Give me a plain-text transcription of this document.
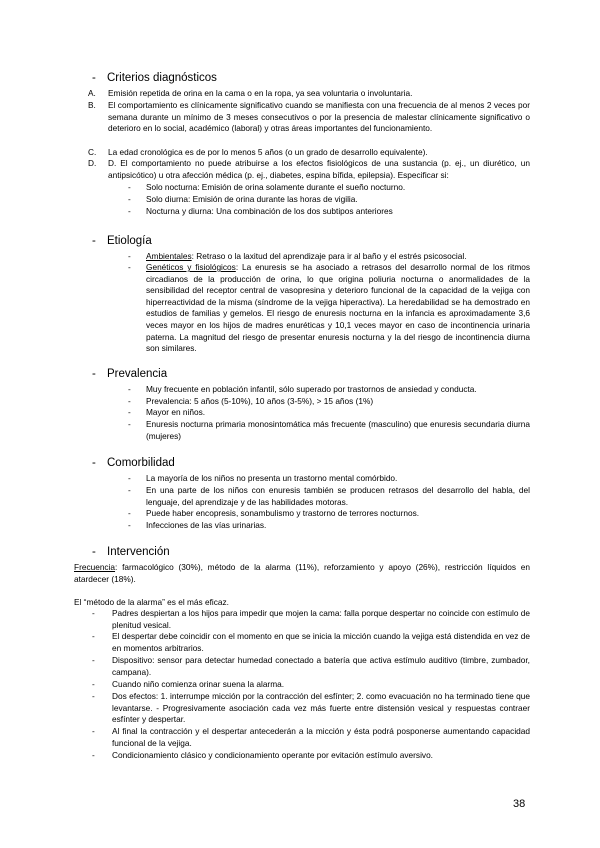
- Criterios diagnósticos
A. Emisión repetida de orina en la cama o en la ropa, ya sea voluntaria o involuntaria.
B. El comportamiento es clínicamente significativo cuando se manifiesta con una frecuencia de al menos 2 veces por semana durante un mínimo de 3 meses consecutivos o por la presencia de malestar clínicamente significativo o deterioro en lo social, académico (laboral) y otras áreas importantes del funcionamiento.
C. La edad cronológica es de por lo menos 5 años (o un grado de desarrollo equivalente).
D. D. El comportamiento no puede atribuirse a los efectos fisiológicos de una sustancia (p. ej., un diurético, un antipsicótico) u otra afección médica (p. ej., diabetes, espina bífida, epilepsia). Especificar si:
- Solo nocturna: Emisión de orina solamente durante el sueño nocturno.
- Solo diurna: Emisión de orina durante las horas de vigilia.
- Nocturna y diurna: Una combinación de los dos subtipos anteriores
- Etiología
- Ambientales: Retraso o la laxitud del aprendizaje para ir al baño y el estrés psicosocial.
- Genéticos y fisiológicos: La enuresis se ha asociado a retrasos del desarrollo normal de los ritmos circadianos de la producción de orina, lo que origina poliuria nocturna o anormalidades de la sensibilidad del receptor central de vasopresina y deterioro funcional de la capacidad de la vejiga con hiperreactividad de la misma (síndrome de la vejiga hiperactiva). La heredabilidad se ha demostrado en estudios de familias y gemelos. El riesgo de enuresis nocturna en la infancia es aproximadamente 3,6 veces mayor en los hijos de madres enuréticas y 10,1 veces mayor en caso de incontinencia urinaria paterna. La magnitud del riesgo de presentar enuresis nocturna y la del riesgo de incontinencia diurna son similares.
- Prevalencia
- Muy frecuente en población infantil, sólo superado por trastornos de ansiedad y conducta.
- Prevalencia: 5 años (5-10%), 10 años (3-5%), > 15 años (1%)
- Mayor en niños.
- Enuresis nocturna primaria monosintomática más frecuente (masculino) que enuresis secundaria diurna (mujeres)
- Comorbilidad
- La mayoría de los niños no presenta un trastorno mental comórbido.
- En una parte de los niños con enuresis también se producen retrasos del desarrollo del habla, del lenguaje, del aprendizaje y de las habilidades motoras.
- Puede haber encopresis, sonambulismo y trastorno de terrores nocturnos.
- Infecciones de las vías urinarias.
- Intervención
Frecuencia: farmacológico (30%), método de la alarma (11%), reforzamiento y apoyo (26%), restricción líquidos en atardecer (18%).
El “método de la alarma” es el más eficaz.
- Padres despiertan a los hijos para impedir que mojen la cama: falla porque despertar no coincide con estímulo de plenitud vesical.
- El despertar debe coincidir con el momento en que se inicia la micción cuando la vejiga está distendida en vez de en momentos arbitrarios.
- Dispositivo: sensor para detectar humedad conectado a batería que activa estímulo auditivo (timbre, zumbador, campana).
- Cuando niño comienza orinar suena la alarma.
- Dos efectos: 1. interrumpe micción por la contracción del esfínter; 2. como evacuación no ha terminado tiene que levantarse. - Progresivamente asociación cada vez más fuerte entre distensión vesical y respuestas contraer esfínter y despertar.
- Al final la contracción y el despertar antecederán a la micción y ésta podrá posponerse aumentando capacidad funcional de la vejiga.
- Condicionamiento clásico y condicionamiento operante por evitación estímulo aversivo.
38
